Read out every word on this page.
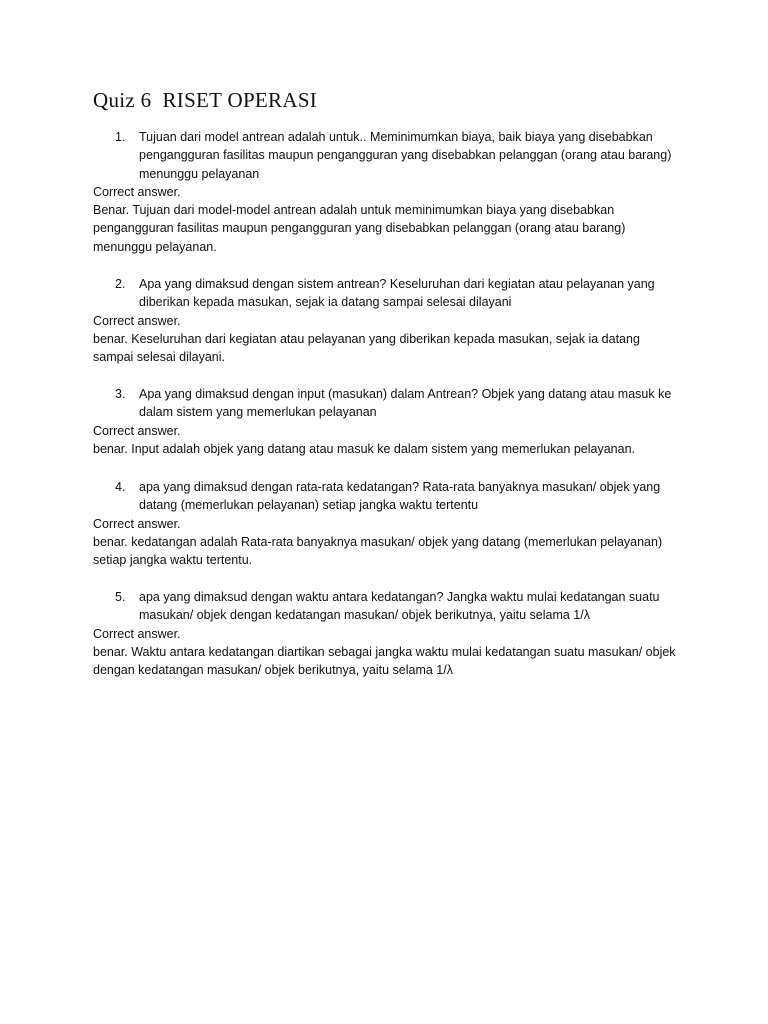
Quiz 6  RISET OPERASI
1. Tujuan dari model antrean adalah untuk.. Meminimumkan biaya, baik biaya yang disebabkan pengangguran fasilitas maupun pengangguran yang disebabkan pelanggan (orang atau barang) menunggu pelayanan
Correct answer.
Benar. Tujuan dari model-model antrean adalah untuk meminimumkan biaya yang disebabkan pengangguran fasilitas maupun pengangguran yang disebabkan pelanggan (orang atau barang) menunggu pelayanan.
2. Apa yang dimaksud dengan sistem antrean? Keseluruhan dari kegiatan atau pelayanan yang diberikan kepada masukan, sejak ia datang sampai selesai dilayani
Correct answer.
benar. Keseluruhan dari kegiatan atau pelayanan yang diberikan kepada masukan, sejak ia datang sampai selesai dilayani.
3. Apa yang dimaksud dengan input (masukan) dalam Antrean? Objek yang datang atau masuk ke dalam sistem yang memerlukan pelayanan
Correct answer.
benar. Input adalah objek yang datang atau masuk ke dalam sistem yang memerlukan pelayanan.
4. apa yang dimaksud dengan rata-rata kedatangan? Rata-rata banyaknya masukan/ objek yang datang (memerlukan pelayanan) setiap jangka waktu tertentu
Correct answer.
benar. kedatangan adalah Rata-rata banyaknya masukan/ objek yang datang (memerlukan pelayanan) setiap jangka waktu tertentu.
5. apa yang dimaksud dengan waktu antara kedatangan? Jangka waktu mulai kedatangan suatu masukan/ objek dengan kedatangan masukan/ objek berikutnya, yaitu selama 1/λ
Correct answer.
benar. Waktu antara kedatangan diartikan sebagai jangka waktu mulai kedatangan suatu masukan/ objek dengan kedatangan masukan/ objek berikutnya, yaitu selama 1/λ
